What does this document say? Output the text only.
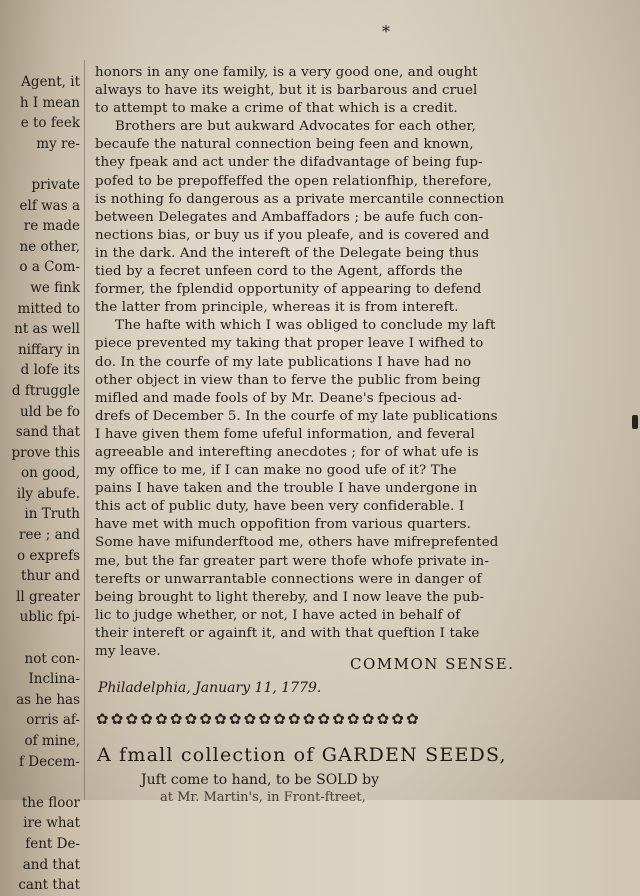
*
Agent, it
h I mean
e to feek
my re-
private
elf was a
re made
ne other,
o a Com-
we fink
mitted to
nt as well
niffary in
d lofe its
d ftruggle
uld be fo
sand that
prove this
on good,
ily abufe.
in Truth
ree ; and
o exprefs
thur and
ll greater
ublic fpi-
not con-
Inclina-
as he has
orris af-
of mine,
f Decem-
the floor
ire what
fent De-
and that
cant that
honors in any one family, is a very good one, and ought
always to have its weight, but it is barbarous and cruel
to attempt to make a crime of that which is a credit.
Brothers are but aukward Advocates for each other,
becaufe the natural connection being feen and known,
they fpeak and act under the difadvantage of being fup-
pofed to be prepoffeffed the open relationfhip, therefore,
is nothing fo dangerous as a private mercantile connection
between Delegates and Ambaffadors ; be aufe fuch con-
nections bias, or buy us if you pleafe, and is covered and
in the dark. And the intereft of the Delegate being thus
tied by a fecret unfeen cord to the Agent, affords the
former, the fplendid opportunity of appearing to defend
the latter from principle, whereas it is from intereft.
The hafte with which I was obliged to conclude my laft
piece prevented my taking that proper leave I wifhed to
do. In the courfe of my late publications I have had no
other object in view than to ferve the public from being
mifled and made fools of by Mr. Deane's fpecious ad-
drefs of December 5. In the courfe of my late publications
I have given them fome ufeful information, and feveral
agreeable and interefting anecdotes ; for of what ufe is
my office to me, if I can make no good ufe of it? The
pains I have taken and the trouble I have undergone in
this act of public duty, have been very confiderable. I
have met with much oppofition from various quarters.
Some have mifunderftood me, others have mifreprefented
me, but the far greater part were thofe whofe private in-
terefts or unwarrantable connections were in danger of
being brought to light thereby, and I now leave the pub-
lic to judge whether, or not, I have acted in behalf of
their intereft or againft it, and with that queftion I take
my leave.
COMMON SENSE.
Philadelphia, January 11, 1779.
✿✿✿✿✿✿✿✿✿✿✿✿✿✿✿✿✿✿✿✿✿✿
A fmall collection of GARDEN SEEDS,
Juft come to hand, to be SOLD by
at Mr. Martin's, in Front-ftreet,
